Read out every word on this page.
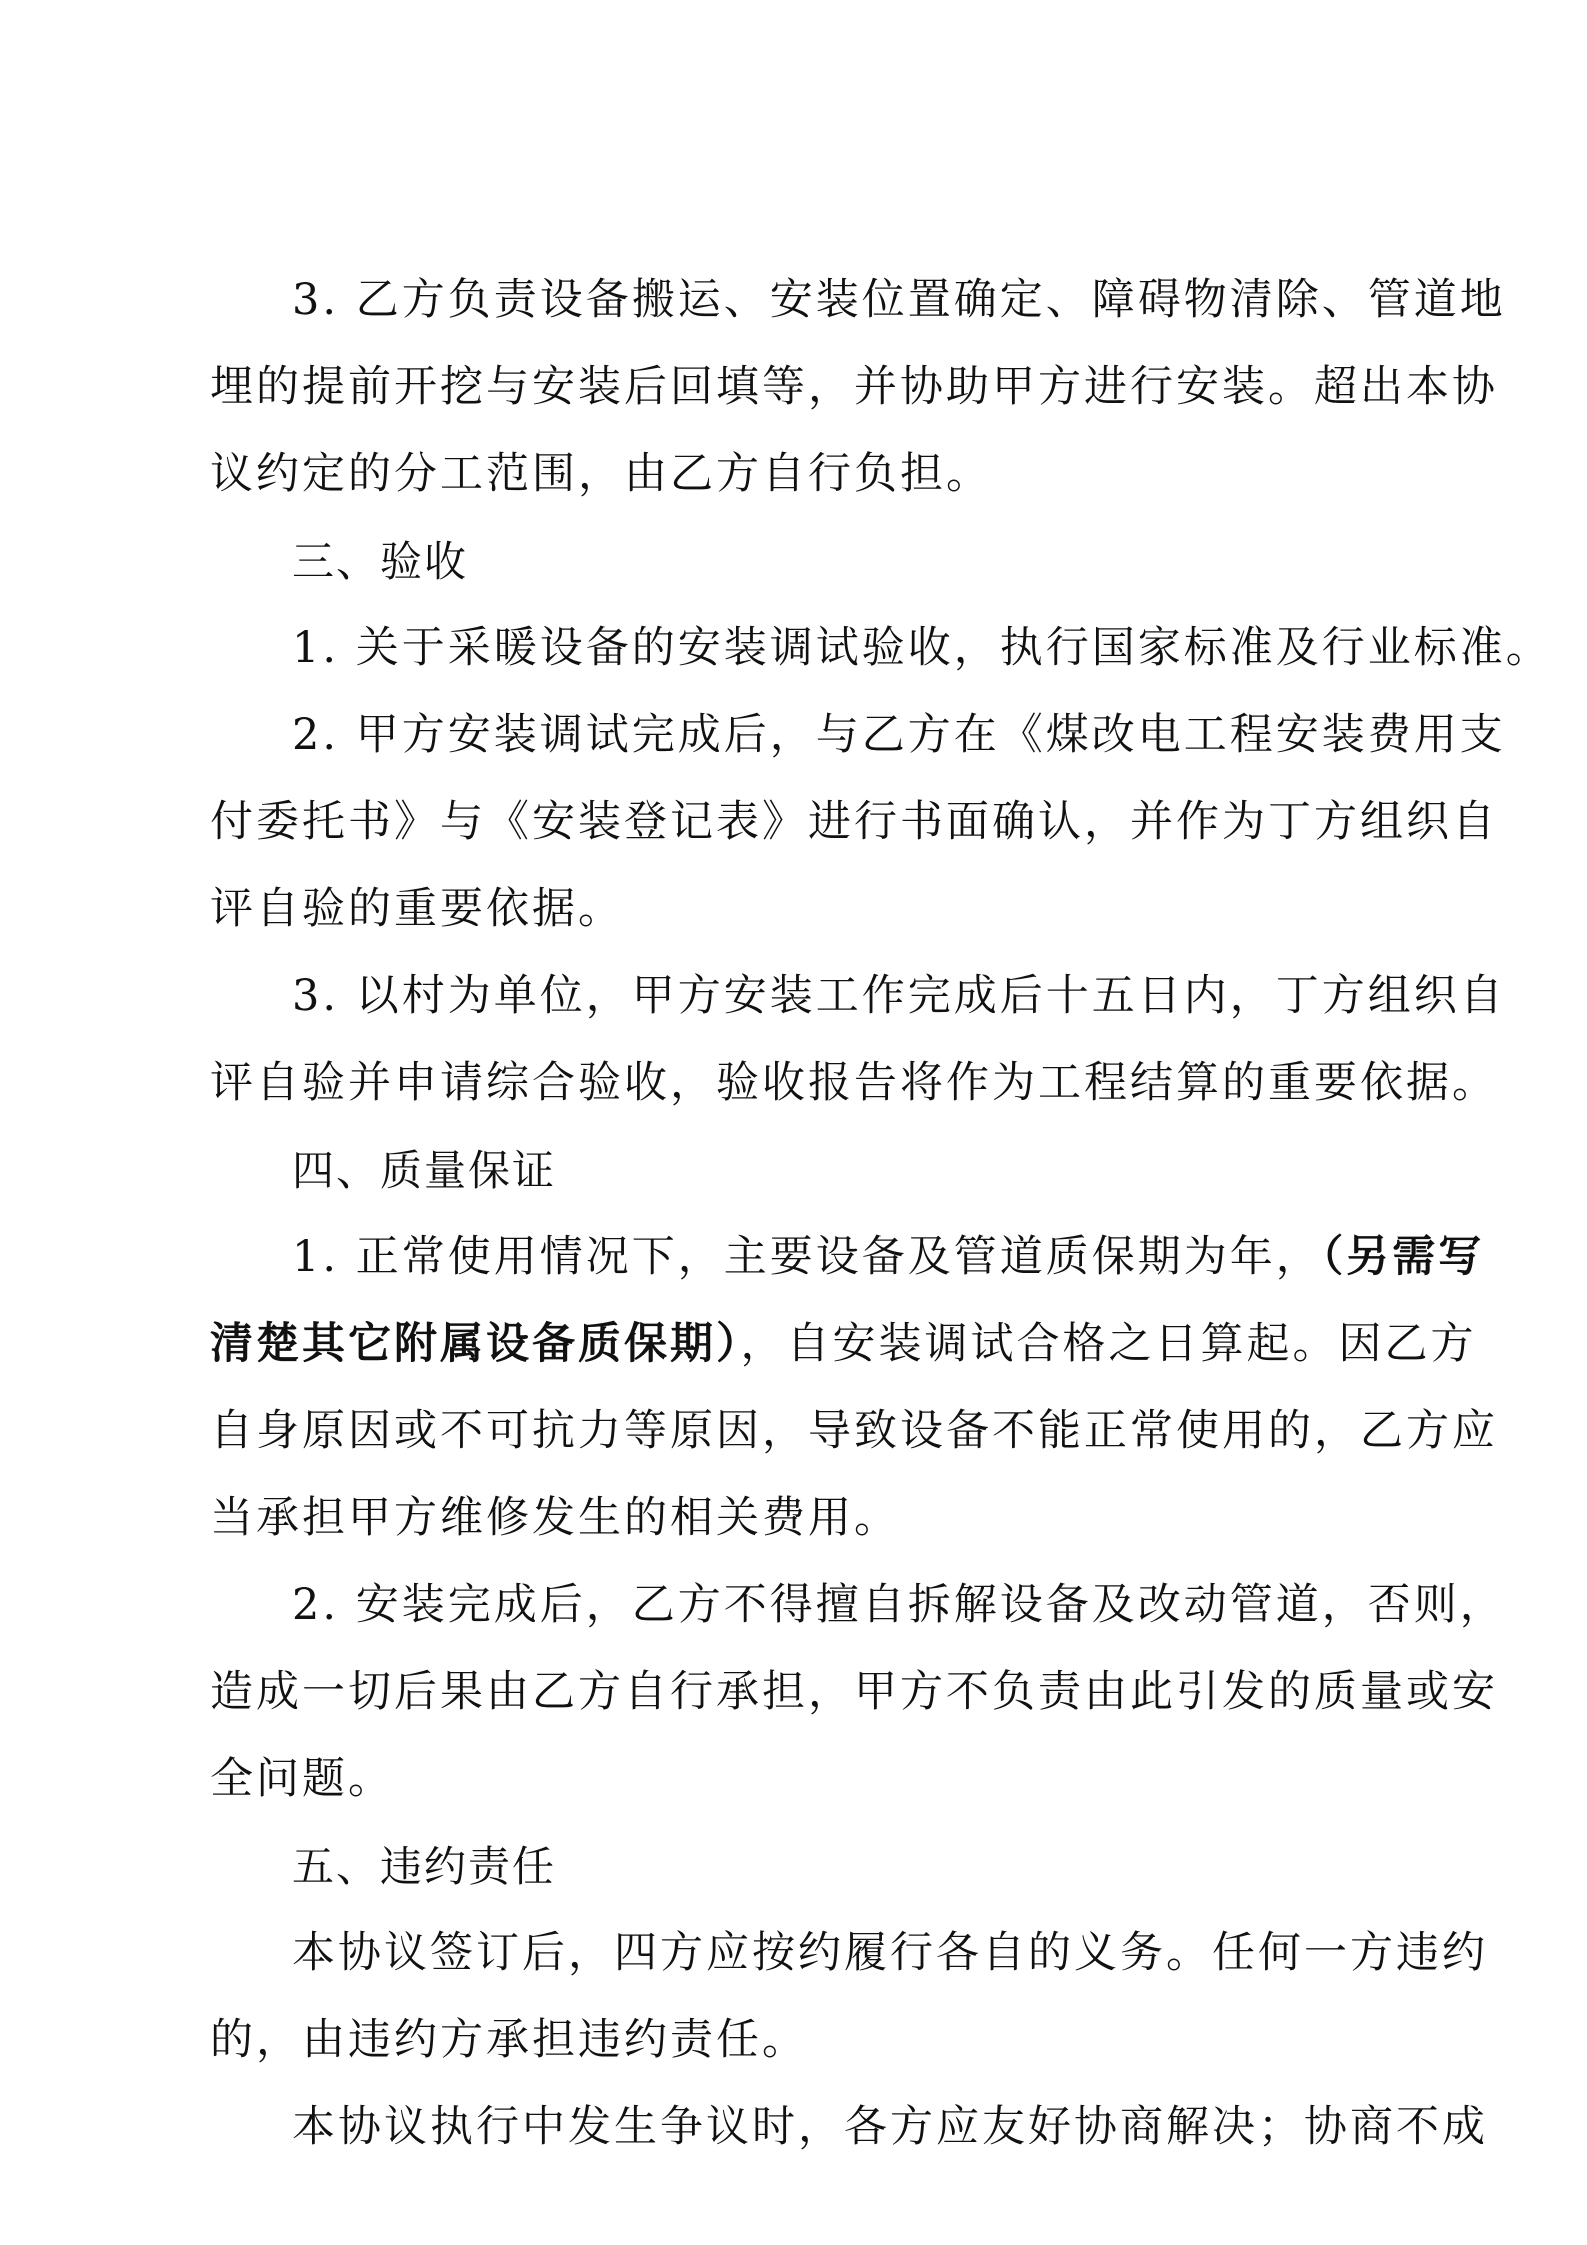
3. 乙方负责设备搬运、安装位置确定、障碍物清除、管道地
埋的提前开挖与安装后回填等，并协助甲方进行安装。超出本协
议约定的分工范围，由乙方自行负担。
三、验收
1. 关于采暖设备的安装调试验收，执行国家标准及行业标准。
2. 甲方安装调试完成后，与乙方在《煤改电工程安装费用支
付委托书》与《安装登记表》进行书面确认，并作为丁方组织自
评自验的重要依据。
3. 以村为单位，甲方安装工作完成后十五日内，丁方组织自
评自验并申请综合验收，验收报告将作为工程结算的重要依据。
四、质量保证
1. 正常使用情况下，主要设备及管道质保期为年，（另需写
清楚其它附属设备质保期），自安装调试合格之日算起。因乙方
自身原因或不可抗力等原因，导致设备不能正常使用的，乙方应
当承担甲方维修发生的相关费用。
2. 安装完成后，乙方不得擅自拆解设备及改动管道，否则，
造成一切后果由乙方自行承担，甲方不负责由此引发的质量或安
全问题。
五、违约责任
本协议签订后，四方应按约履行各自的义务。任何一方违约
的，由违约方承担违约责任。
本协议执行中发生争议时，各方应友好协商解决；协商不成
